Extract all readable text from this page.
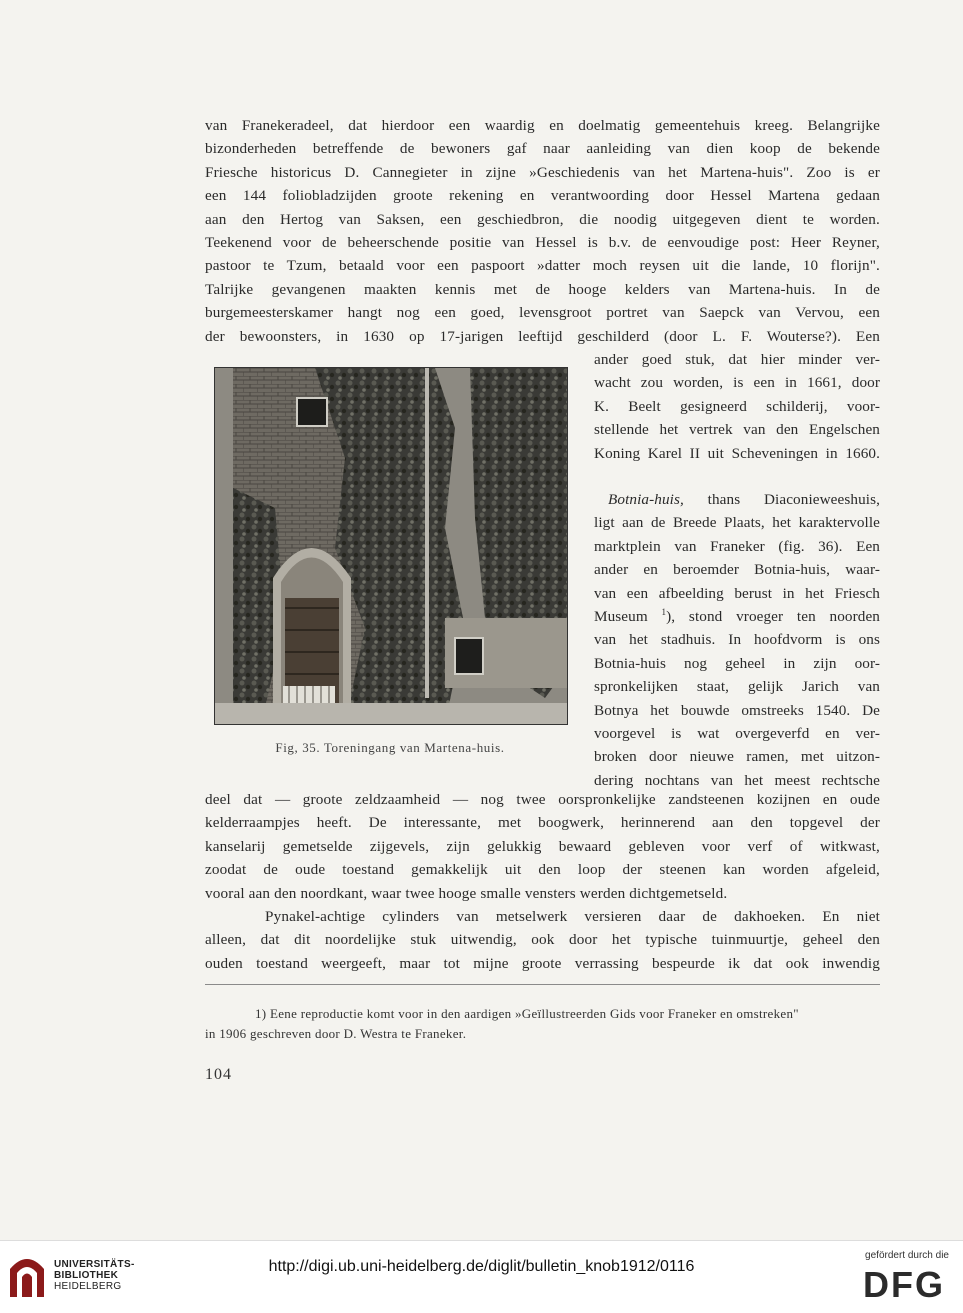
van Franekeradeel, dat hierdoor een waardig en doelmatig gemeentehuis kreeg. Belangrijke
bizonderheden betreffende de bewoners gaf naar aanleiding van dien koop de bekende
Friesche historicus D. Cannegieter in zijne »Geschiedenis van het Martena-huis". Zoo is er
een 144 foliobladzijden groote rekening en verantwoording door Hessel Martena gedaan
aan den Hertog van Saksen, een geschiedbron, die noodig uitgegeven dient te worden.
Teekenend voor de beheerschende positie van Hessel is b.v. de eenvoudige post: Heer Reyner,
pastoor te Tzum, betaald voor een paspoort »datter moch reysen uit die lande, 10 florijn".
Talrijke gevangenen maakten kennis met de hooge kelders van Martena-huis. In de
burgemeesterskamer hangt nog een goed, levensgroot portret van Saepck van Vervou, een
der bewoonsters, in 1630 op 17-jarigen leeftijd geschilderd (door L. F. Wouterse?). Een
ander goed stuk, dat hier minder ver-
wacht zou worden, is een in 1661, door
K. Beelt gesigneerd schilderij, voor-
stellende het vertrek van den Engelschen
Koning Karel II uit Scheveningen in 1660.
Botnia-huis, thans Diaconieweeshuis,
ligt aan de Breede Plaats, het karaktervolle
marktplein van Franeker (fig. 36). Een
ander en beroemder Botnia-huis, waar-
van een afbeelding berust in het Friesch
Museum $^1$), stond vroeger ten noorden
van het stadhuis. In hoofdvorm is ons
Botnia-huis nog geheel in zijn oor-
spronkelijken staat, gelijk Jarich van
Botnya het bouwde omstreeks 1540. De
voorgevel is wat overgeverfd en ver-
broken door nieuwe ramen, met uitzon-
dering nochtans van het meest rechtsche
Fig, 35. Toreningang van Martena-huis.
deel dat — groote zeldzaamheid — nog twee oorspronkelijke zandsteenen kozijnen en oude
kelderraampjes heeft. De interessante, met boogwerk, herinnerend aan den topgevel der
kanselarij gemetselde zijgevels, zijn gelukkig bewaard gebleven voor verf of witkwast,
zoodat de oude toestand gemakkelijk uit den loop der steenen kan worden afgeleid,
vooral aan den noordkant, waar twee hooge smalle vensters werden dichtgemetseld.
Pynakel-achtige cylinders van metselwerk versieren daar de dakhoeken. En niet
alleen, dat dit noordelijke stuk uitwendig, ook door het typische tuinmuurtje, geheel den
ouden toestand weergeeft, maar tot mijne groote verrassing bespeurde ik dat ook inwendig
1) Eene reproductie komt voor in den aardigen »Geïllustreerden Gids voor Franeker en omstreken"
in 1906 geschreven door D. Westra te Franeker.
104
UNIVERSITÄTS-
BIBLIOTHEK
HEIDELBERG
http://digi.ub.uni-heidelberg.de/diglit/bulletin_knob1912/0116
gefördert durch die
DFG
